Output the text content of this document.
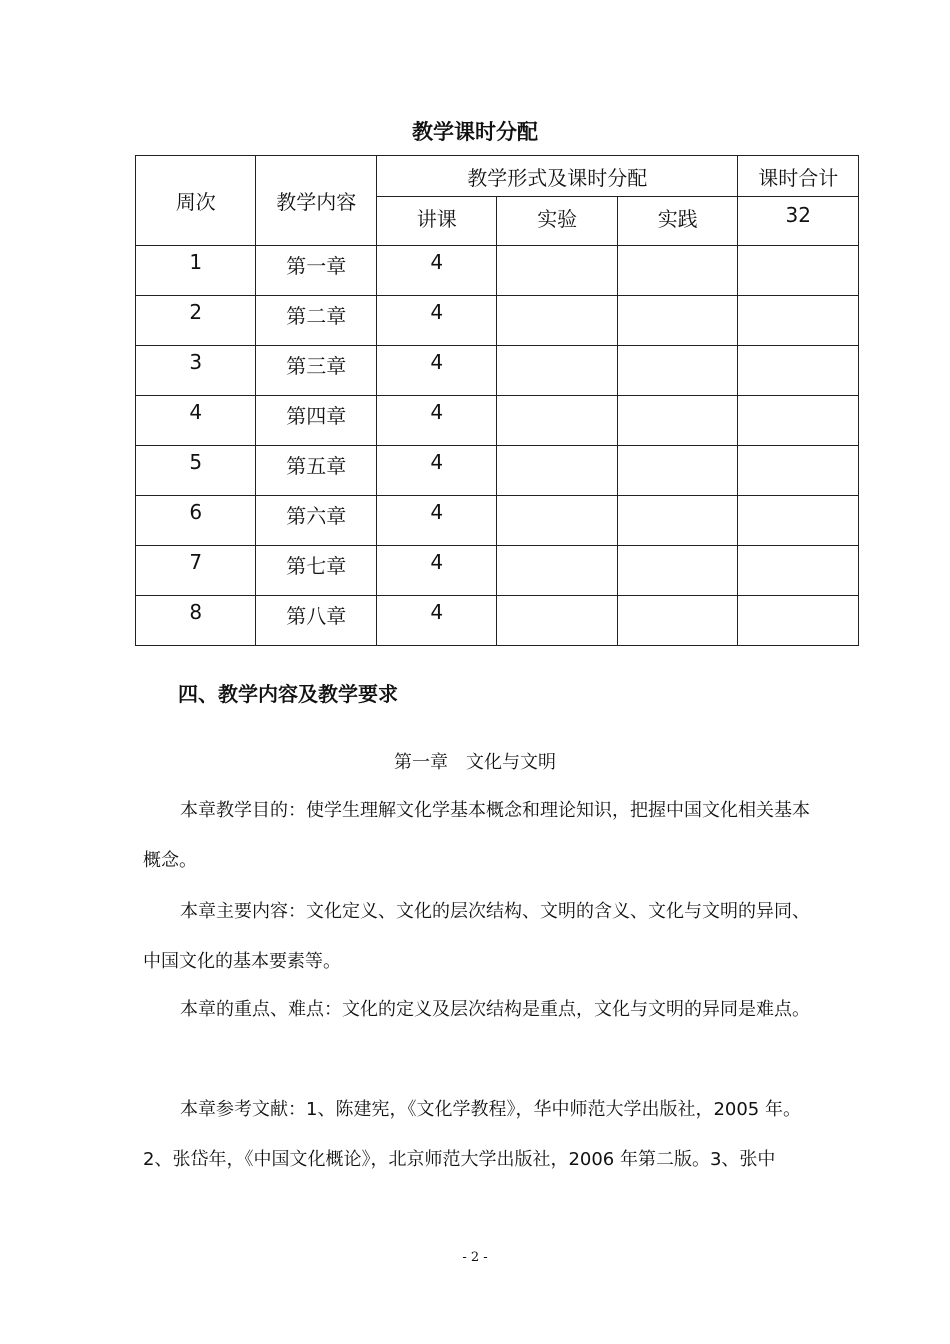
教学课时分配
周次	教学内容	教学形式及课时分配			课时合计

		讲课	实验	实践	32

1	第一章	4			

2	第二章	4			

3	第三章	4			

4	第四章	4			

5	第五章	4			

6	第六章	4			

7	第七章	4			

8	第八章	4			

四、教学内容及教学要求
第一章　文化与文明
本章教学目的：使学生理解文化学基本概念和理论知识，把握中国文化相关基本概念。
本章主要内容：文化定义、文化的层次结构、文明的含义、文化与文明的异同、中国文化的基本要素等。
本章的重点、难点：文化的定义及层次结构是重点，文化与文明的异同是难点。
本章参考文献：1、陈建宪，《文化学教程》，华中师范大学出版社，2005 年。2、张岱年，《中国文化概论》，北京师范大学出版社，2006 年第二版。3、张中
- 2 -
